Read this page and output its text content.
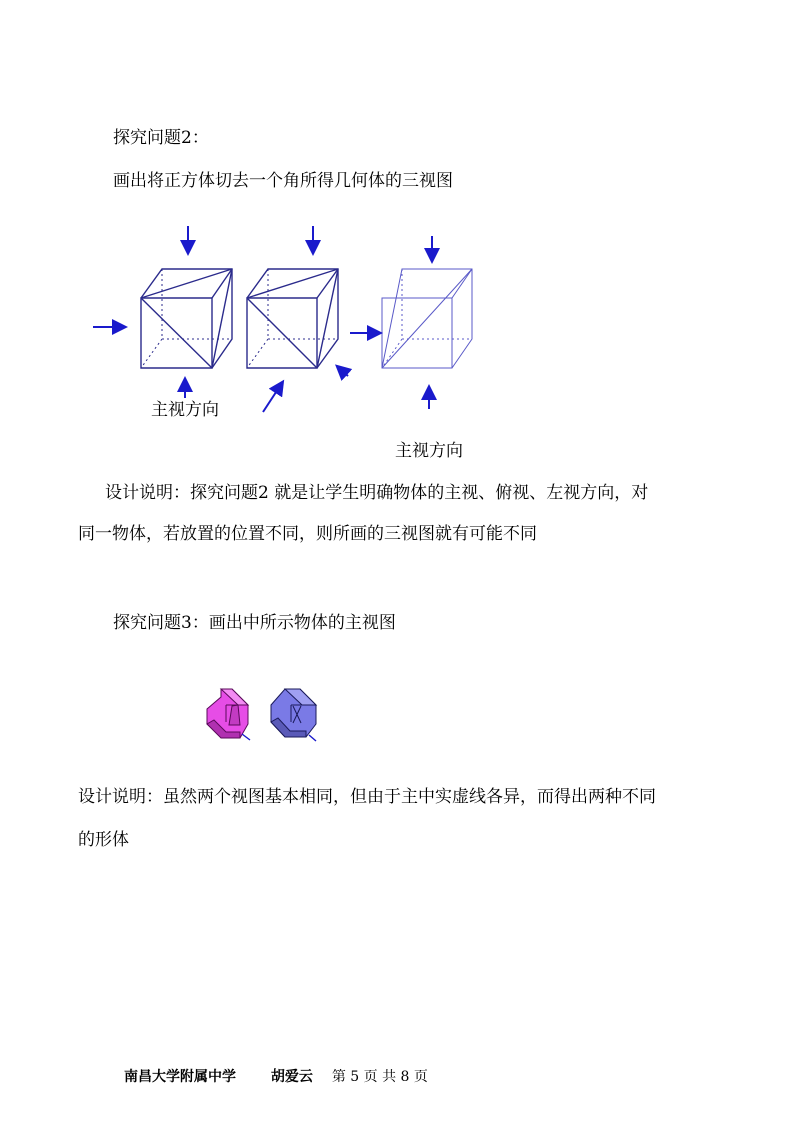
探究问题2：
画出将正方体切去一个角所得几何体的三视图
主视方向
主视方向
设计说明：探究问题2 就是让学生明确物体的主视、俯视、左视方向，对
同一物体，若放置的位置不同，则所画的三视图就有可能不同
探究问题3：画出中所示物体的主视图
设计说明：虽然两个视图基本相同，但由于主中实虚线各异，而得出两种不同
的形体
南昌大学附属中学 胡爱云 第 5 页 共 8 页
